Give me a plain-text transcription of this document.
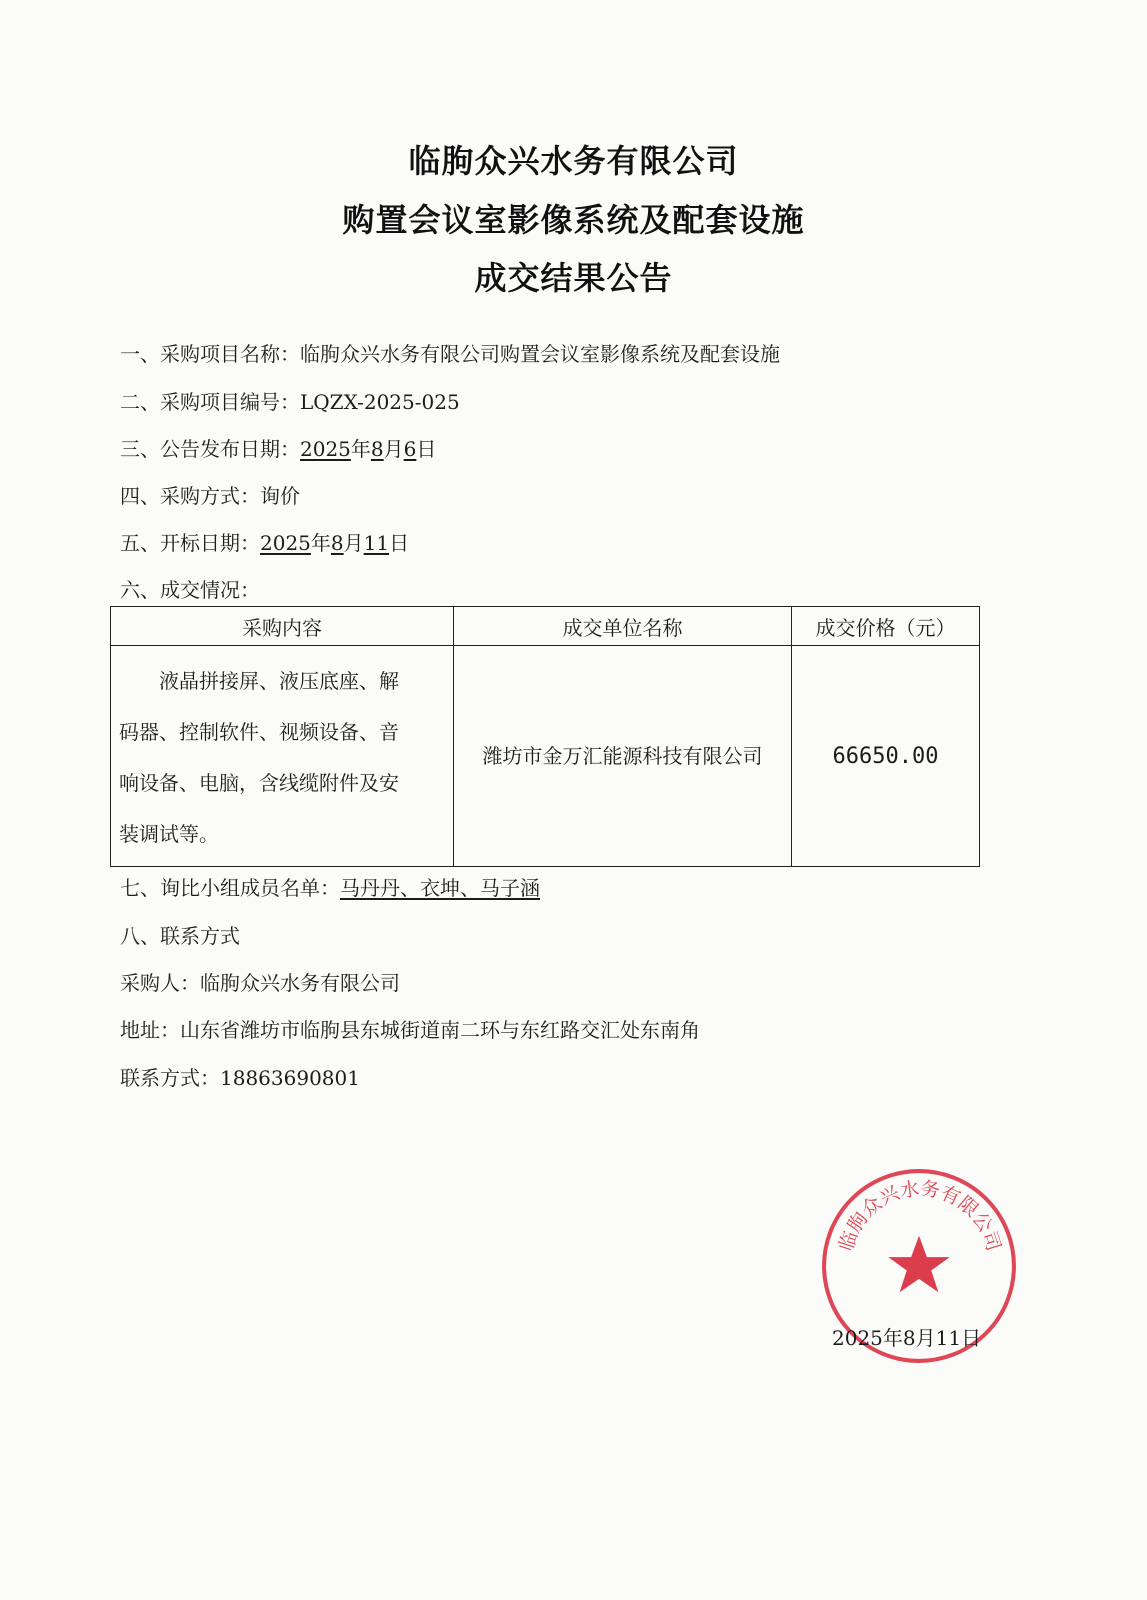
临朐众兴水务有限公司
购置会议室影像系统及配套设施
成交结果公告
一、采购项目名称：临朐众兴水务有限公司购置会议室影像系统及配套设施
二、采购项目编号：LQZX-2025-025
三、公告发布日期：2025年8月6日
四、采购方式：询价
五、开标日期：2025年8月11日
六、成交情况：
采购内容	成交单位名称	成交价格（元）

液晶拼接屏、液压底座、解
码器、控制软件、视频设备、音
响设备、电脑，含线缆附件及安
装调试等。	潍坊市金万汇能源科技有限公司	66650.00
七、询比小组成员名单：马丹丹、衣坤、马子涵
八、联系方式
采购人：临朐众兴水务有限公司
地址：山东省潍坊市临朐县东城街道南二环与东红路交汇处东南角
联系方式：18863690801
临朐众兴水务有限公司
2025年8月11日
